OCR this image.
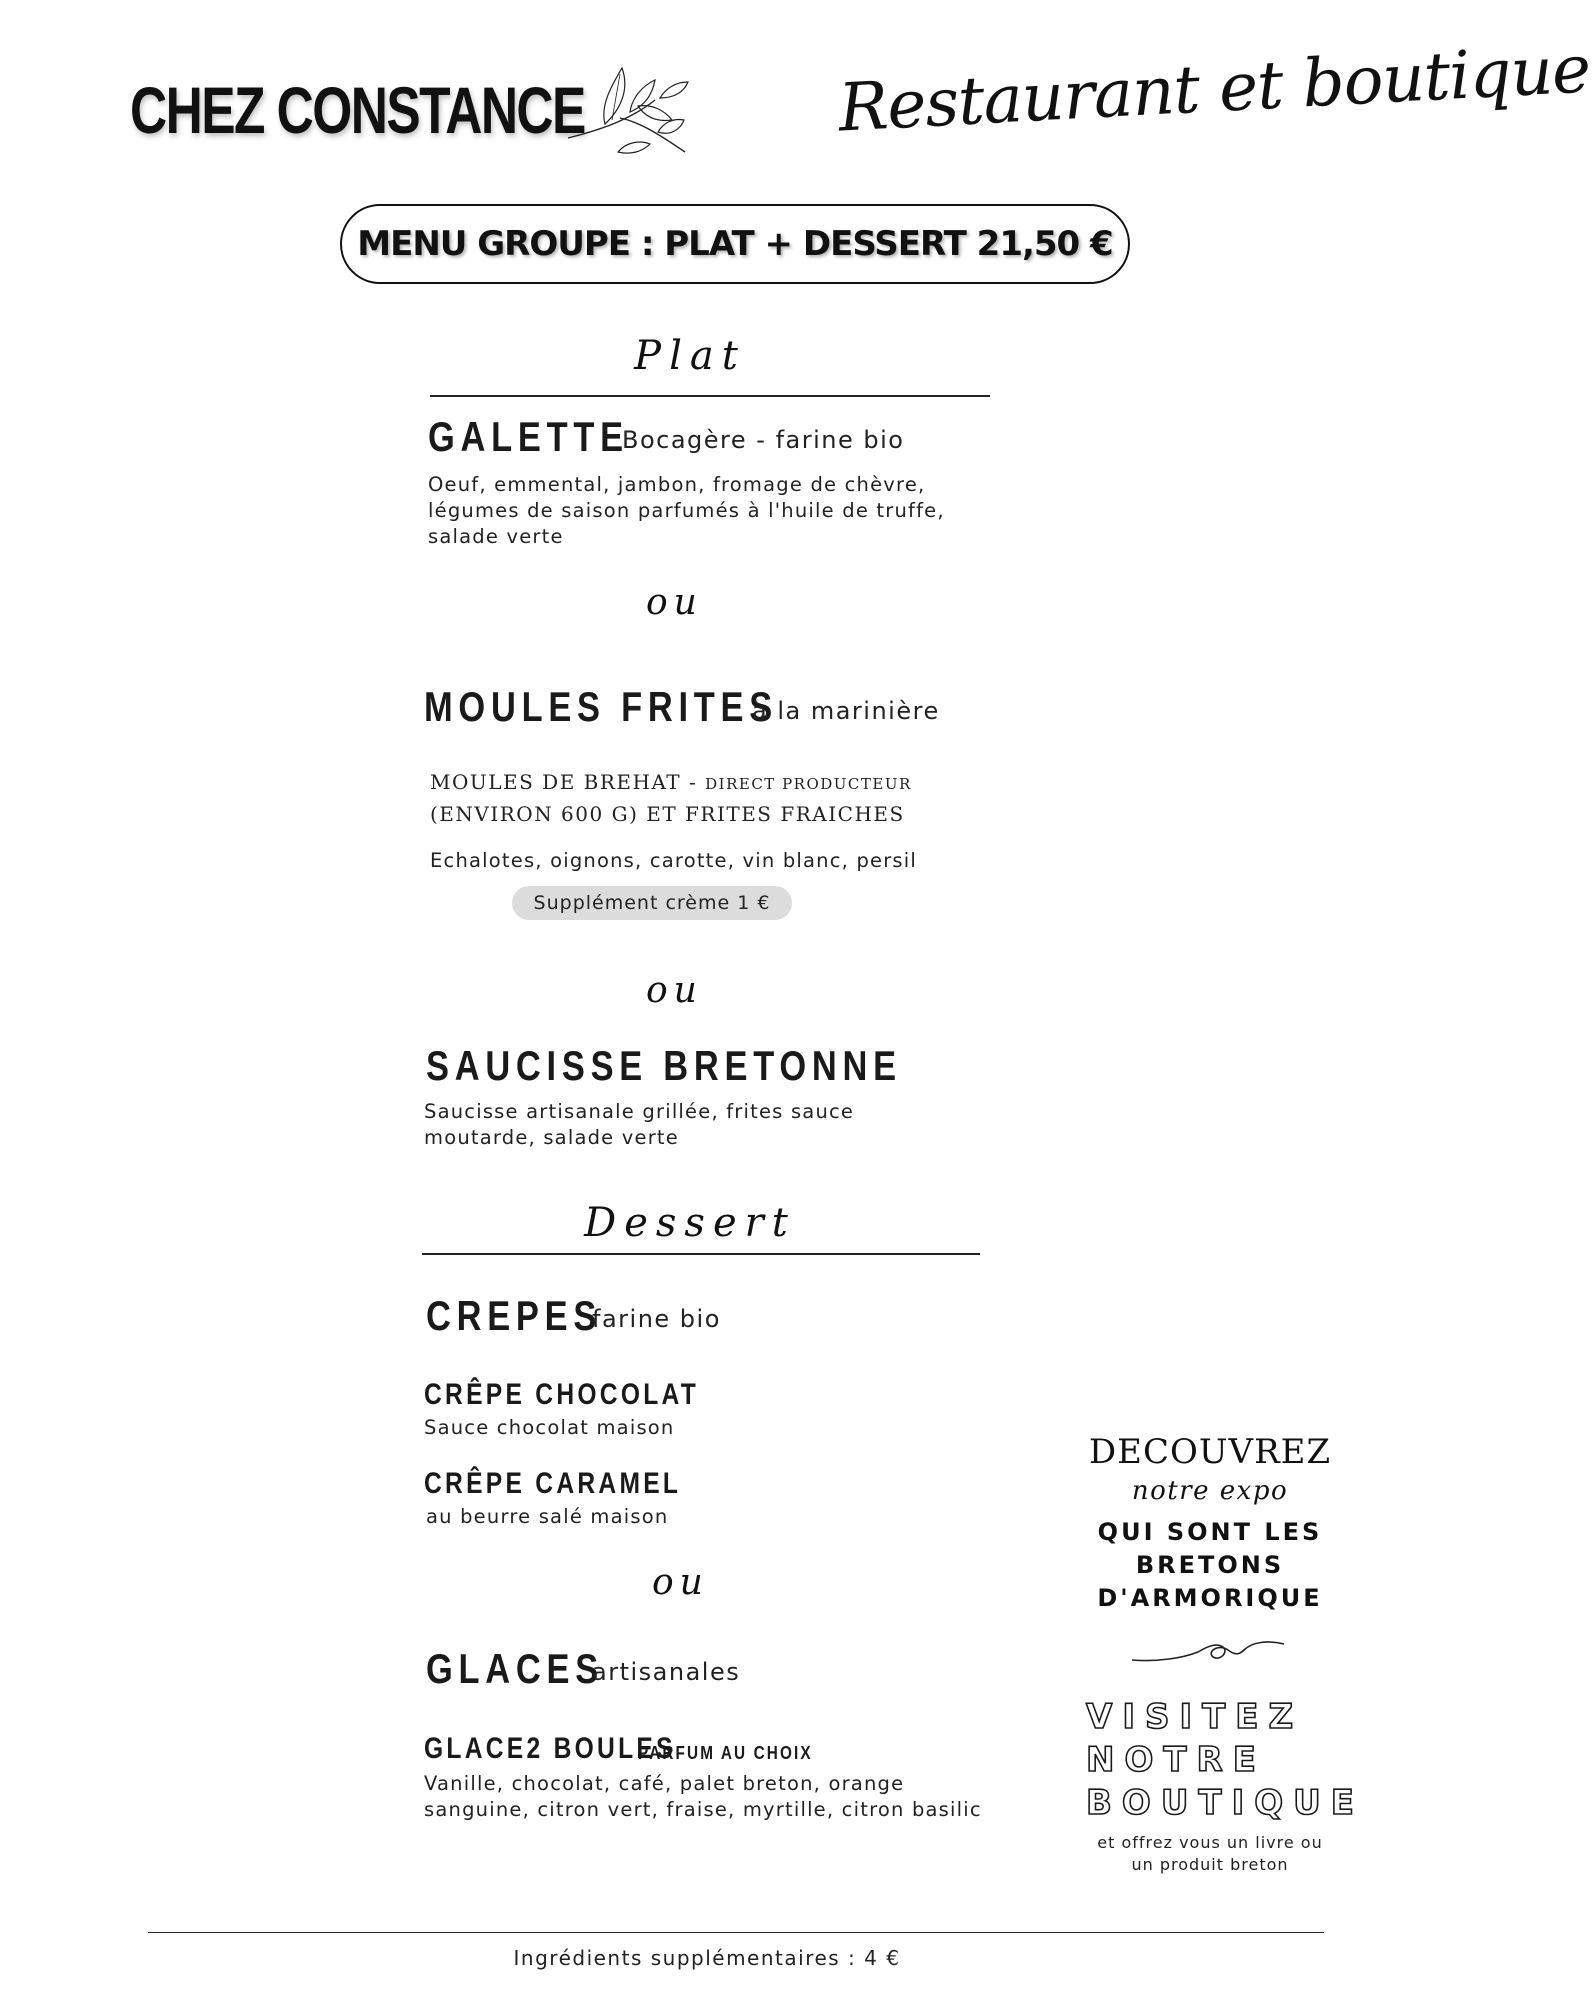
CHEZ CONSTANCE	Restaurant et boutique
MENU GROUPE : PLAT + DESSERT 21,50 €
Plat
GALETTE
Bocagère - farine bio
Oeuf, emmental, jambon, fromage de chèvre,
légumes de saison parfumés à l'huile de truffe,
salade verte
ou
MOULES FRITES
a la marinière
MOULES DE BREHAT - DIRECT PRODUCTEUR
(ENVIRON 600 G) ET FRITES FRAICHES
Echalotes, oignons, carotte, vin blanc, persil
Supplément crème 1 €
ou
SAUCISSE BRETONNE
Saucisse artisanale grillée, frites sauce
moutarde, salade verte
Dessert
CREPES
farine bio
CRÊPE CHOCOLAT
Sauce chocolat maison
CRÊPE CARAMEL
au beurre salé maison
ou
GLACES
artisanales
GLACE2 BOULES
PARFUM AU CHOIX
Vanille, chocolat, café, palet breton, orange
sanguine, citron vert, fraise, myrtille, citron basilic
DECOUVREZ
notre expo
QUI SONT LES
BRETONS
D'ARMORIQUE
VISITEZ
NOTRE
BOUTIQUE
et offrez vous un livre ou
un produit breton
Ingrédients supplémentaires : 4 €
